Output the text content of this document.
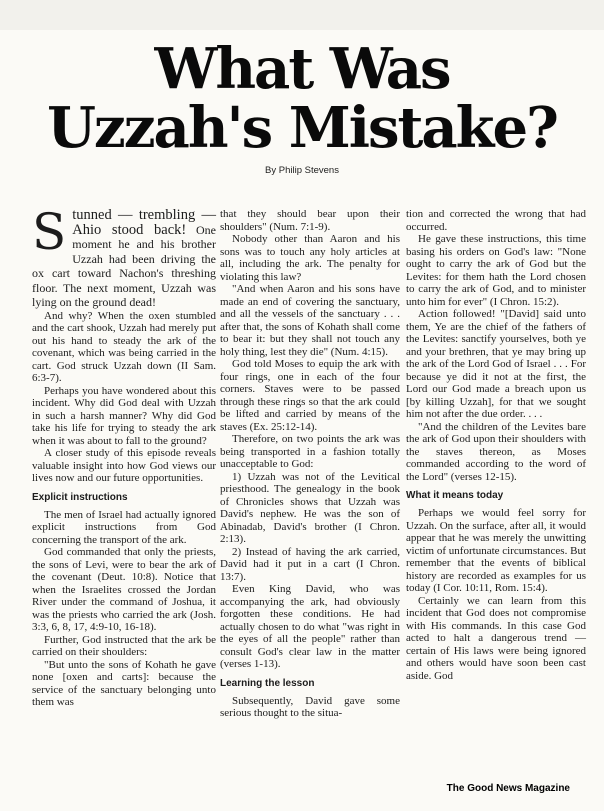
What Was
Uzzah's Mistake?
By Philip Stevens
S tunned — trembling — Ahio stood back! One moment he and his brother Uzzah had been driving the ox cart toward Nachon's threshing floor. The next moment, Uzzah was lying on the ground dead!

And why? When the oxen stumbled and the cart shook, Uzzah had merely put out his hand to steady the ark of the covenant, which was being carried in the cart. God struck Uzzah down (II Sam. 6:3-7).

Perhaps you have wondered about this incident. Why did God deal with Uzzah in such a harsh manner? Why did God take his life for trying to steady the ark when it was about to fall to the ground?

A closer study of this episode reveals valuable insight into how God views our lives now and our future opportunities.

Explicit instructions

The men of Israel had actually ignored explicit instructions from God concerning the transport of the ark.

God commanded that only the priests, the sons of Levi, were to bear the ark of the covenant (Deut. 10:8). Notice that when the Israelites crossed the Jordan River under the command of Joshua, it was the priests who carried the ark (Josh. 3:3, 6, 8, 17, 4:9-10, 16-18).

Further, God instructed that the ark be carried on their shoulders:

"But unto the sons of Kohath he gave none [oxen and carts]: because the service of the sanctuary belonging unto them was

that they should bear upon their shoulders" (Num. 7:1-9).

Nobody other than Aaron and his sons was to touch any holy articles at all, including the ark. The penalty for violating this law?

"And when Aaron and his sons have made an end of covering the sanctuary, and all the vessels of the sanctuary . . . after that, the sons of Kohath shall come to bear it: but they shall not touch any holy thing, lest they die" (Num. 4:15).

God told Moses to equip the ark with four rings, one in each of the four corners. Staves were to be passed through these rings so that the ark could be lifted and carried by means of the staves (Ex. 25:12-14).

Therefore, on two points the ark was being transported in a fashion totally unacceptable to God:

1) Uzzah was not of the Levitical priesthood. The genealogy in the book of Chronicles shows that Uzzah was David's nephew. He was the son of Abinadab, David's brother (I Chron. 2:13).

2) Instead of having the ark carried, David had it put in a cart (I Chron. 13:7).

Even King David, who was accompanying the ark, had obviously forgotten these conditions. He had actually chosen to do what "was right in the eyes of all the people" rather than consult God's clear law in the matter (verses 1-13).

Learning the lesson

Subsequently, David gave some serious thought to the situa-

tion and corrected the wrong that had occurred.

He gave these instructions, this time basing his orders on God's law: "None ought to carry the ark of God but the Levites: for them hath the Lord chosen to carry the ark of God, and to minister unto him for ever" (I Chron. 15:2).

Action followed! "[David] said unto them, Ye are the chief of the fathers of the Levites: sanctify yourselves, both ye and your brethren, that ye may bring up the ark of the Lord God of Israel . . . For because ye did it not at the first, the Lord our God made a breach upon us [by killing Uzzah], for that we sought him not after the due order. . . .

"And the children of the Levites bare the ark of God upon their shoulders with the staves thereon, as Moses commanded according to the word of the Lord" (verses 12-15).

What it means today

Perhaps we would feel sorry for Uzzah. On the surface, after all, it would appear that he was merely the unwitting victim of unfortunate circumstances. But remember that the events of biblical history are recorded as examples for us today (I Cor. 10:11, Rom. 15:4).

Certainly we can learn from this incident that God does not compromise with His commands. In this case God acted to halt a dangerous trend — certain of His laws were being ignored and others would have soon been cast aside. God

The Good News Magazine
